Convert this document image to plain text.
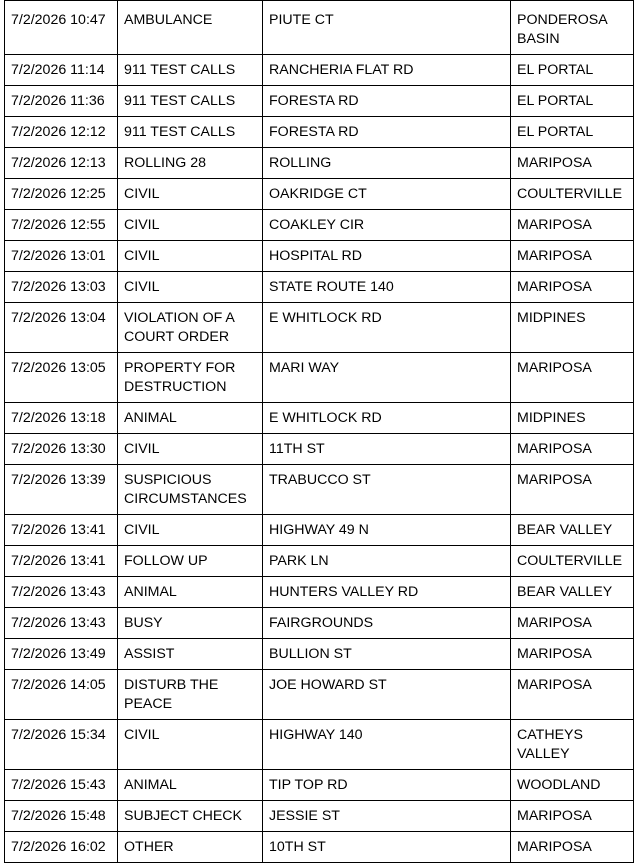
7/2/2026 10:47	AMBULANCE	PIUTE CT	PONDEROSA BASIN
7/2/2026 11:14	911 TEST CALLS	RANCHERIA FLAT RD	EL PORTAL
7/2/2026 11:36	911 TEST CALLS	FORESTA RD	EL PORTAL
7/2/2026 12:12	911 TEST CALLS	FORESTA RD	EL PORTAL
7/2/2026 12:13	ROLLING 28	ROLLING	MARIPOSA
7/2/2026 12:25	CIVIL	OAKRIDGE CT	COULTERVILLE
7/2/2026 12:55	CIVIL	COAKLEY CIR	MARIPOSA
7/2/2026 13:01	CIVIL	HOSPITAL RD	MARIPOSA
7/2/2026 13:03	CIVIL	STATE ROUTE 140	MARIPOSA
7/2/2026 13:04	VIOLATION OF A COURT ORDER	E WHITLOCK RD	MIDPINES
7/2/2026 13:05	PROPERTY FOR DESTRUCTION	MARI WAY	MARIPOSA
7/2/2026 13:18	ANIMAL	E WHITLOCK RD	MIDPINES
7/2/2026 13:30	CIVIL	11TH ST	MARIPOSA
7/2/2026 13:39	SUSPICIOUS CIRCUMSTANCES	TRABUCCO ST	MARIPOSA
7/2/2026 13:41	CIVIL	HIGHWAY 49 N	BEAR VALLEY
7/2/2026 13:41	FOLLOW UP	PARK LN	COULTERVILLE
7/2/2026 13:43	ANIMAL	HUNTERS VALLEY RD	BEAR VALLEY
7/2/2026 13:43	BUSY	FAIRGROUNDS	MARIPOSA
7/2/2026 13:49	ASSIST	BULLION ST	MARIPOSA
7/2/2026 14:05	DISTURB THE PEACE	JOE HOWARD ST	MARIPOSA
7/2/2026 15:34	CIVIL	HIGHWAY 140	CATHEYS VALLEY
7/2/2026 15:43	ANIMAL	TIP TOP RD	WOODLAND
7/2/2026 15:48	SUBJECT CHECK	JESSIE ST	MARIPOSA
7/2/2026 16:02	OTHER	10TH ST	MARIPOSA
